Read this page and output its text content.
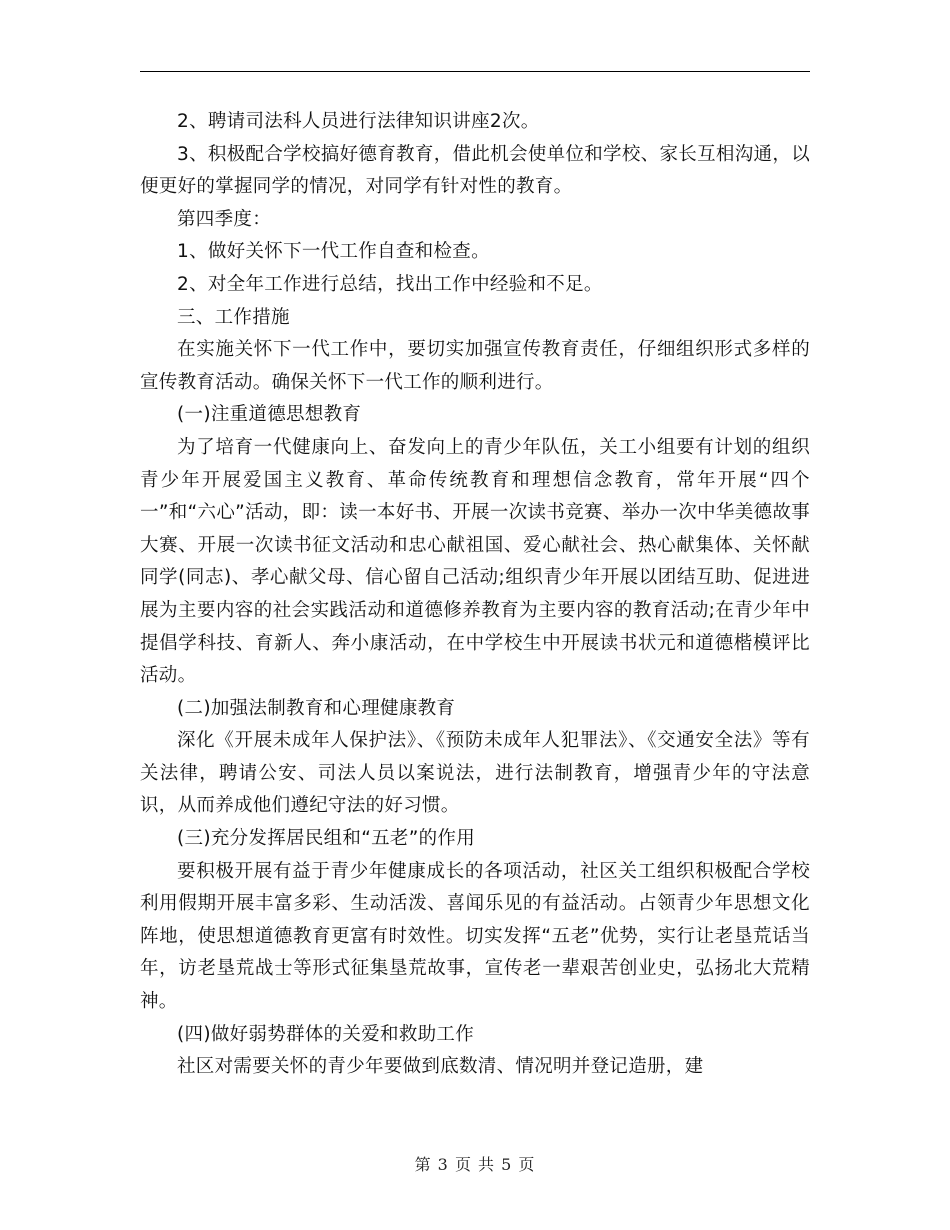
2、聘请司法科人员进行法律知识讲座2次。

3、积极配合学校搞好德育教育，借此机会使单位和学校、家长互相沟通，以便更好的掌握同学的情况，对同学有针对性的教育。

第四季度：

1、做好关怀下一代工作自查和检查。

2、对全年工作进行总结，找出工作中经验和不足。

三、工作措施

在实施关怀下一代工作中，要切实加强宣传教育责任，仔细组织形式多样的宣传教育活动。确保关怀下一代工作的顺利进行。

(一)注重道德思想教育

为了培育一代健康向上、奋发向上的青少年队伍，关工小组要有计划的组织青少年开展爱国主义教育、革命传统教育和理想信念教育，常年开展“四个一”和“六心”活动，即：读一本好书、开展一次读书竞赛、举办一次中华美德故事大赛、开展一次读书征文活动和忠心献祖国、爱心献社会、热心献集体、关怀献同学(同志)、孝心献父母、信心留自己活动;组织青少年开展以团结互助、促进进展为主要内容的社会实践活动和道德修养教育为主要内容的教育活动;在青少年中提倡学科技、育新人、奔小康活动，在中学校生中开展读书状元和道德楷模评比活动。

(二)加强法制教育和心理健康教育

深化《开展未成年人保护法》、《预防未成年人犯罪法》、《交通安全法》等有关法律，聘请公安、司法人员以案说法，进行法制教育，增强青少年的守法意识，从而养成他们遵纪守法的好习惯。

(三)充分发挥居民组和“五老”的作用

要积极开展有益于青少年健康成长的各项活动，社区关工组织积极配合学校利用假期开展丰富多彩、生动活泼、喜闻乐见的有益活动。占领青少年思想文化阵地，使思想道德教育更富有时效性。切实发挥“五老”优势，实行让老垦荒话当年，访老垦荒战士等形式征集垦荒故事，宣传老一辈艰苦创业史，弘扬北大荒精神。

(四)做好弱势群体的关爱和救助工作

社区对需要关怀的青少年要做到底数清、情况明并登记造册，建

第 3 页 共 5 页
